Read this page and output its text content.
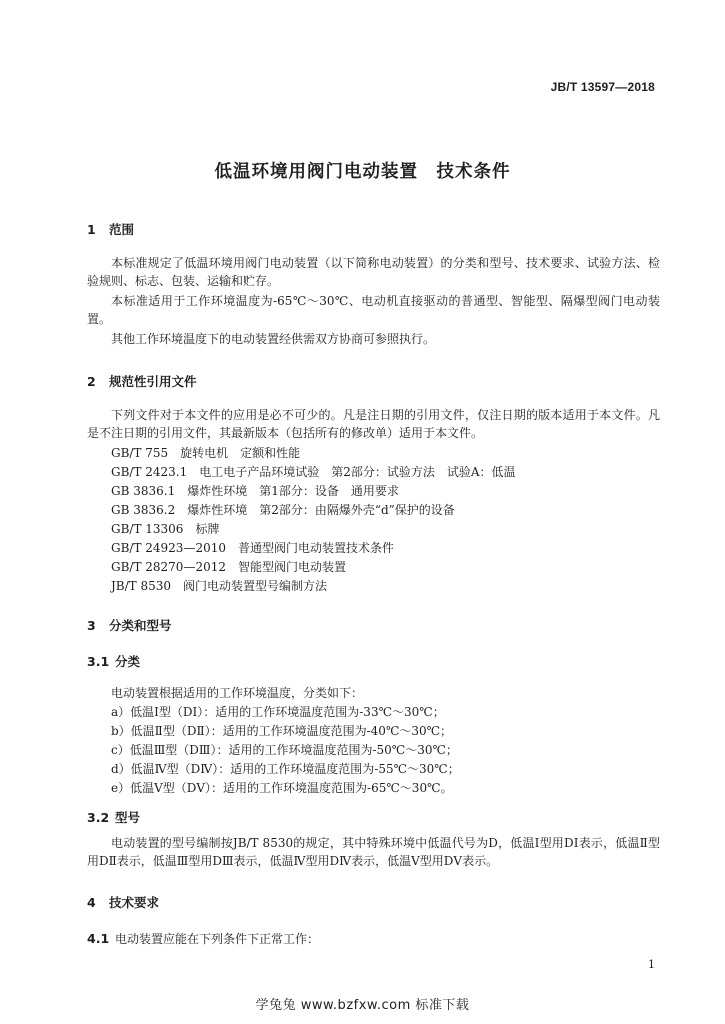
JB/T 13597—2018
低温环境用阀门电动装置　技术条件
1 范围
本标准规定了低温环境用阀门电动装置（以下简称电动装置）的分类和型号、技术要求、试验方法、检验规则、标志、包装、运输和贮存。
本标准适用于工作环境温度为-65℃～30℃、电动机直接驱动的普通型、智能型、隔爆型阀门电动装置。
其他工作环境温度下的电动装置经供需双方协商可参照执行。
2 规范性引用文件
下列文件对于本文件的应用是必不可少的。凡是注日期的引用文件，仅注日期的版本适用于本文件。凡是不注日期的引用文件，其最新版本（包括所有的修改单）适用于本文件。
GB/T 755　旋转电机　定额和性能
GB/T 2423.1　电工电子产品环境试验　第2部分：试验方法　试验A：低温
GB 3836.1　爆炸性环境　第1部分：设备　通用要求
GB 3836.2　爆炸性环境　第2部分：由隔爆外壳“d”保护的设备
GB/T 13306　标牌
GB/T 24923—2010　普通型阀门电动装置技术条件
GB/T 28270—2012　智能型阀门电动装置
JB/T 8530　阀门电动装置型号编制方法
3 分类和型号
3.1 分类
电动装置根据适用的工作环境温度，分类如下：
a）低温Ⅰ型（DⅠ）：适用的工作环境温度范围为-33℃～30℃；
b）低温Ⅱ型（DⅡ）：适用的工作环境温度范围为-40℃～30℃；
c）低温Ⅲ型（DⅢ）：适用的工作环境温度范围为-50℃～30℃；
d）低温Ⅳ型（DⅣ）：适用的工作环境温度范围为-55℃～30℃；
e）低温Ⅴ型（DⅤ）：适用的工作环境温度范围为-65℃～30℃。
3.2 型号
电动装置的型号编制按JB/T 8530的规定，其中特殊环境中低温代号为D，低温Ⅰ型用DⅠ表示，低温Ⅱ型用DⅡ表示，低温Ⅲ型用DⅢ表示，低温Ⅳ型用DⅣ表示，低温Ⅴ型用DⅤ表示。
4 技术要求
4.1 电动装置应能在下列条件下正常工作：
1
学兔兔 www.bzfxw.com 标准下载
